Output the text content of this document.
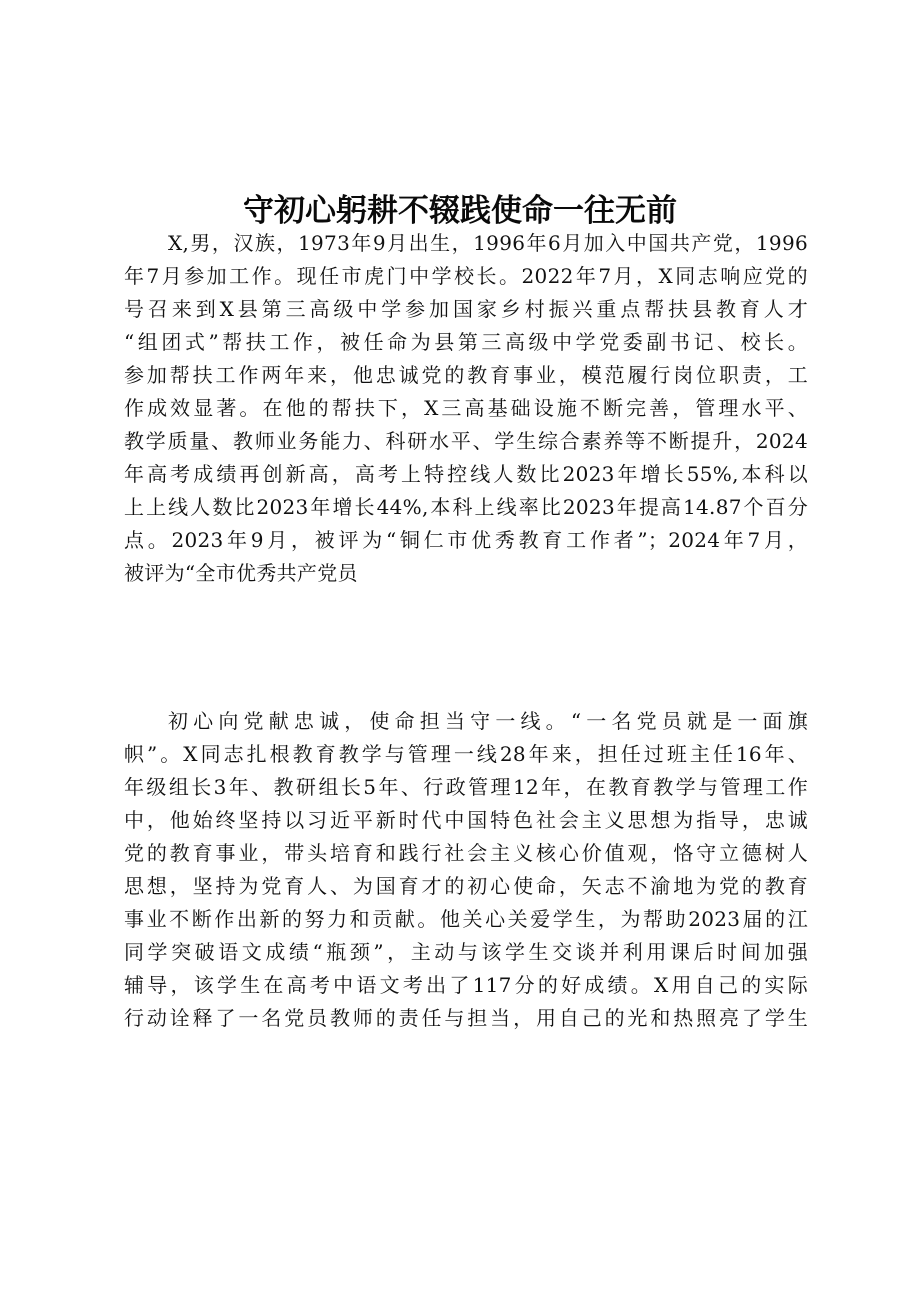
守初心躬耕不辍践使命一往无前
X,男，汉族，1973年9月出生，1996年6月加入中国共产党，1996
年7月参加工作。现任市虎门中学校长。2022年7月，X同志响应党的
号召来到X县第三高级中学参加国家乡村振兴重点帮扶县教育人才
“组团式”帮扶工作，被任命为县第三高级中学党委副书记、校长。
参加帮扶工作两年来，他忠诚党的教育事业，模范履行岗位职责，工
作成效显著。在他的帮扶下，X三高基础设施不断完善，管理水平、
教学质量、教师业务能力、科研水平、学生综合素养等不断提升，2024
年高考成绩再创新高，高考上特控线人数比2023年增长55%,本科以
上上线人数比2023年增长44%,本科上线率比2023年提高14.87个百分
点。2023年9月，被评为“铜仁市优秀教育工作者”；2024年7月，
被评为“全市优秀共产党员
初心向党献忠诚，使命担当守一线。“一名党员就是一面旗
帜”。X同志扎根教育教学与管理一线28年来，担任过班主任16年、
年级组长3年、教研组长5年、行政管理12年，在教育教学与管理工作
中，他始终坚持以习近平新时代中国特色社会主义思想为指导，忠诚
党的教育事业，带头培育和践行社会主义核心价值观，恪守立德树人
思想，坚持为党育人、为国育才的初心使命，矢志不渝地为党的教育
事业不断作出新的努力和贡献。他关心关爱学生，为帮助2023届的江
同学突破语文成绩“瓶颈”，主动与该学生交谈并利用课后时间加强
辅导，该学生在高考中语文考出了117分的好成绩。X用自己的实际
行动诠释了一名党员教师的责任与担当，用自己的光和热照亮了学生
